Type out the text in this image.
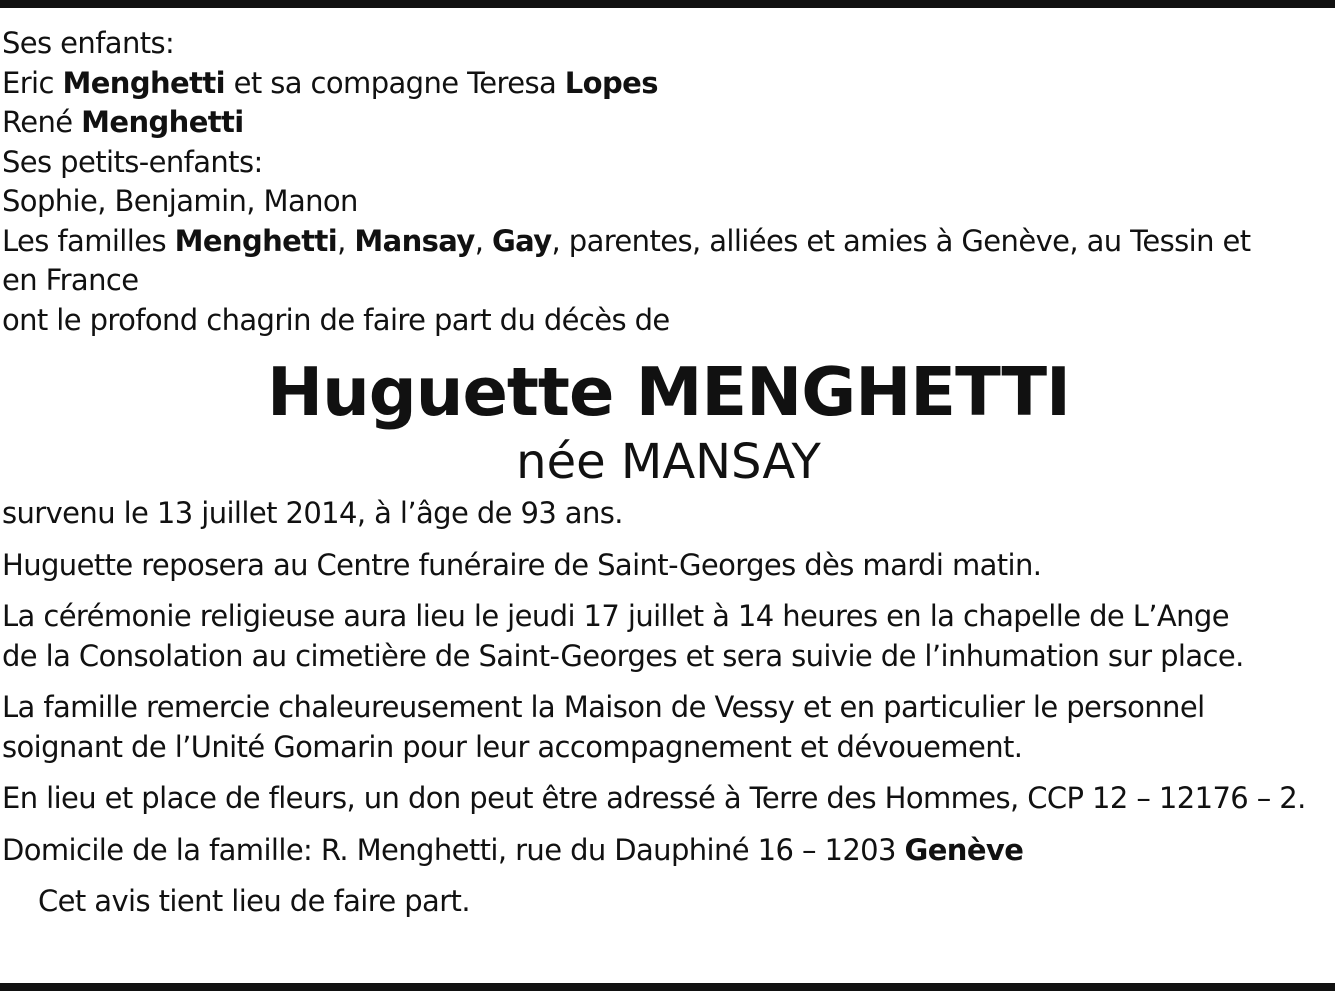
Ses enfants:
Eric Menghetti et sa compagne Teresa Lopes
René Menghetti
Ses petits-enfants:
Sophie, Benjamin, Manon
Les familles Menghetti, Mansay, Gay, parentes, alliées et amies à Genève, au Tessin et
en France
ont le profond chagrin de faire part du décès de
Huguette MENGHETTI
née MANSAY
survenu le 13 juillet 2014, à l’âge de 93 ans.
Huguette reposera au Centre funéraire de Saint-Georges dès mardi matin.
La cérémonie religieuse aura lieu le jeudi 17 juillet à 14 heures en la chapelle de L’Ange
de la Consolation au cimetière de Saint-Georges et sera suivie de l’inhumation sur place.
La famille remercie chaleureusement la Maison de Vessy et en particulier le personnel
soignant de l’Unité Gomarin pour leur accompagnement et dévouement.
En lieu et place de fleurs, un don peut être adressé à Terre des Hommes, CCP 12 – 12176 – 2.
Domicile de la famille: R. Menghetti, rue du Dauphiné 16 – 1203 Genève
Cet avis tient lieu de faire part.
